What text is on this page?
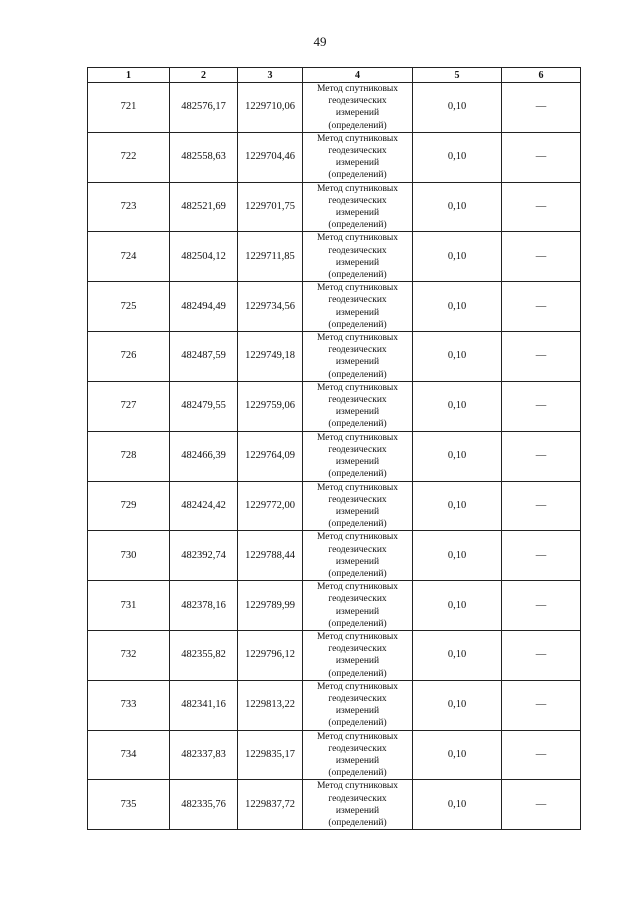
49
1	2	3	4	5	6
721	482576,17	1229710,06	Метод спутниковых
геодезических
измерений
(определений)	0,10	—
722	482558,63	1229704,46	Метод спутниковых
геодезических
измерений
(определений)	0,10	—
723	482521,69	1229701,75	Метод спутниковых
геодезических
измерений
(определений)	0,10	—
724	482504,12	1229711,85	Метод спутниковых
геодезических
измерений
(определений)	0,10	—
725	482494,49	1229734,56	Метод спутниковых
геодезических
измерений
(определений)	0,10	—
726	482487,59	1229749,18	Метод спутниковых
геодезических
измерений
(определений)	0,10	—
727	482479,55	1229759,06	Метод спутниковых
геодезических
измерений
(определений)	0,10	—
728	482466,39	1229764,09	Метод спутниковых
геодезических
измерений
(определений)	0,10	—
729	482424,42	1229772,00	Метод спутниковых
геодезических
измерений
(определений)	0,10	—
730	482392,74	1229788,44	Метод спутниковых
геодезических
измерений
(определений)	0,10	—
731	482378,16	1229789,99	Метод спутниковых
геодезических
измерений
(определений)	0,10	—
732	482355,82	1229796,12	Метод спутниковых
геодезических
измерений
(определений)	0,10	—
733	482341,16	1229813,22	Метод спутниковых
геодезических
измерений
(определений)	0,10	—
734	482337,83	1229835,17	Метод спутниковых
геодезических
измерений
(определений)	0,10	—
735	482335,76	1229837,72	Метод спутниковых
геодезических
измерений
(определений)	0,10	—
